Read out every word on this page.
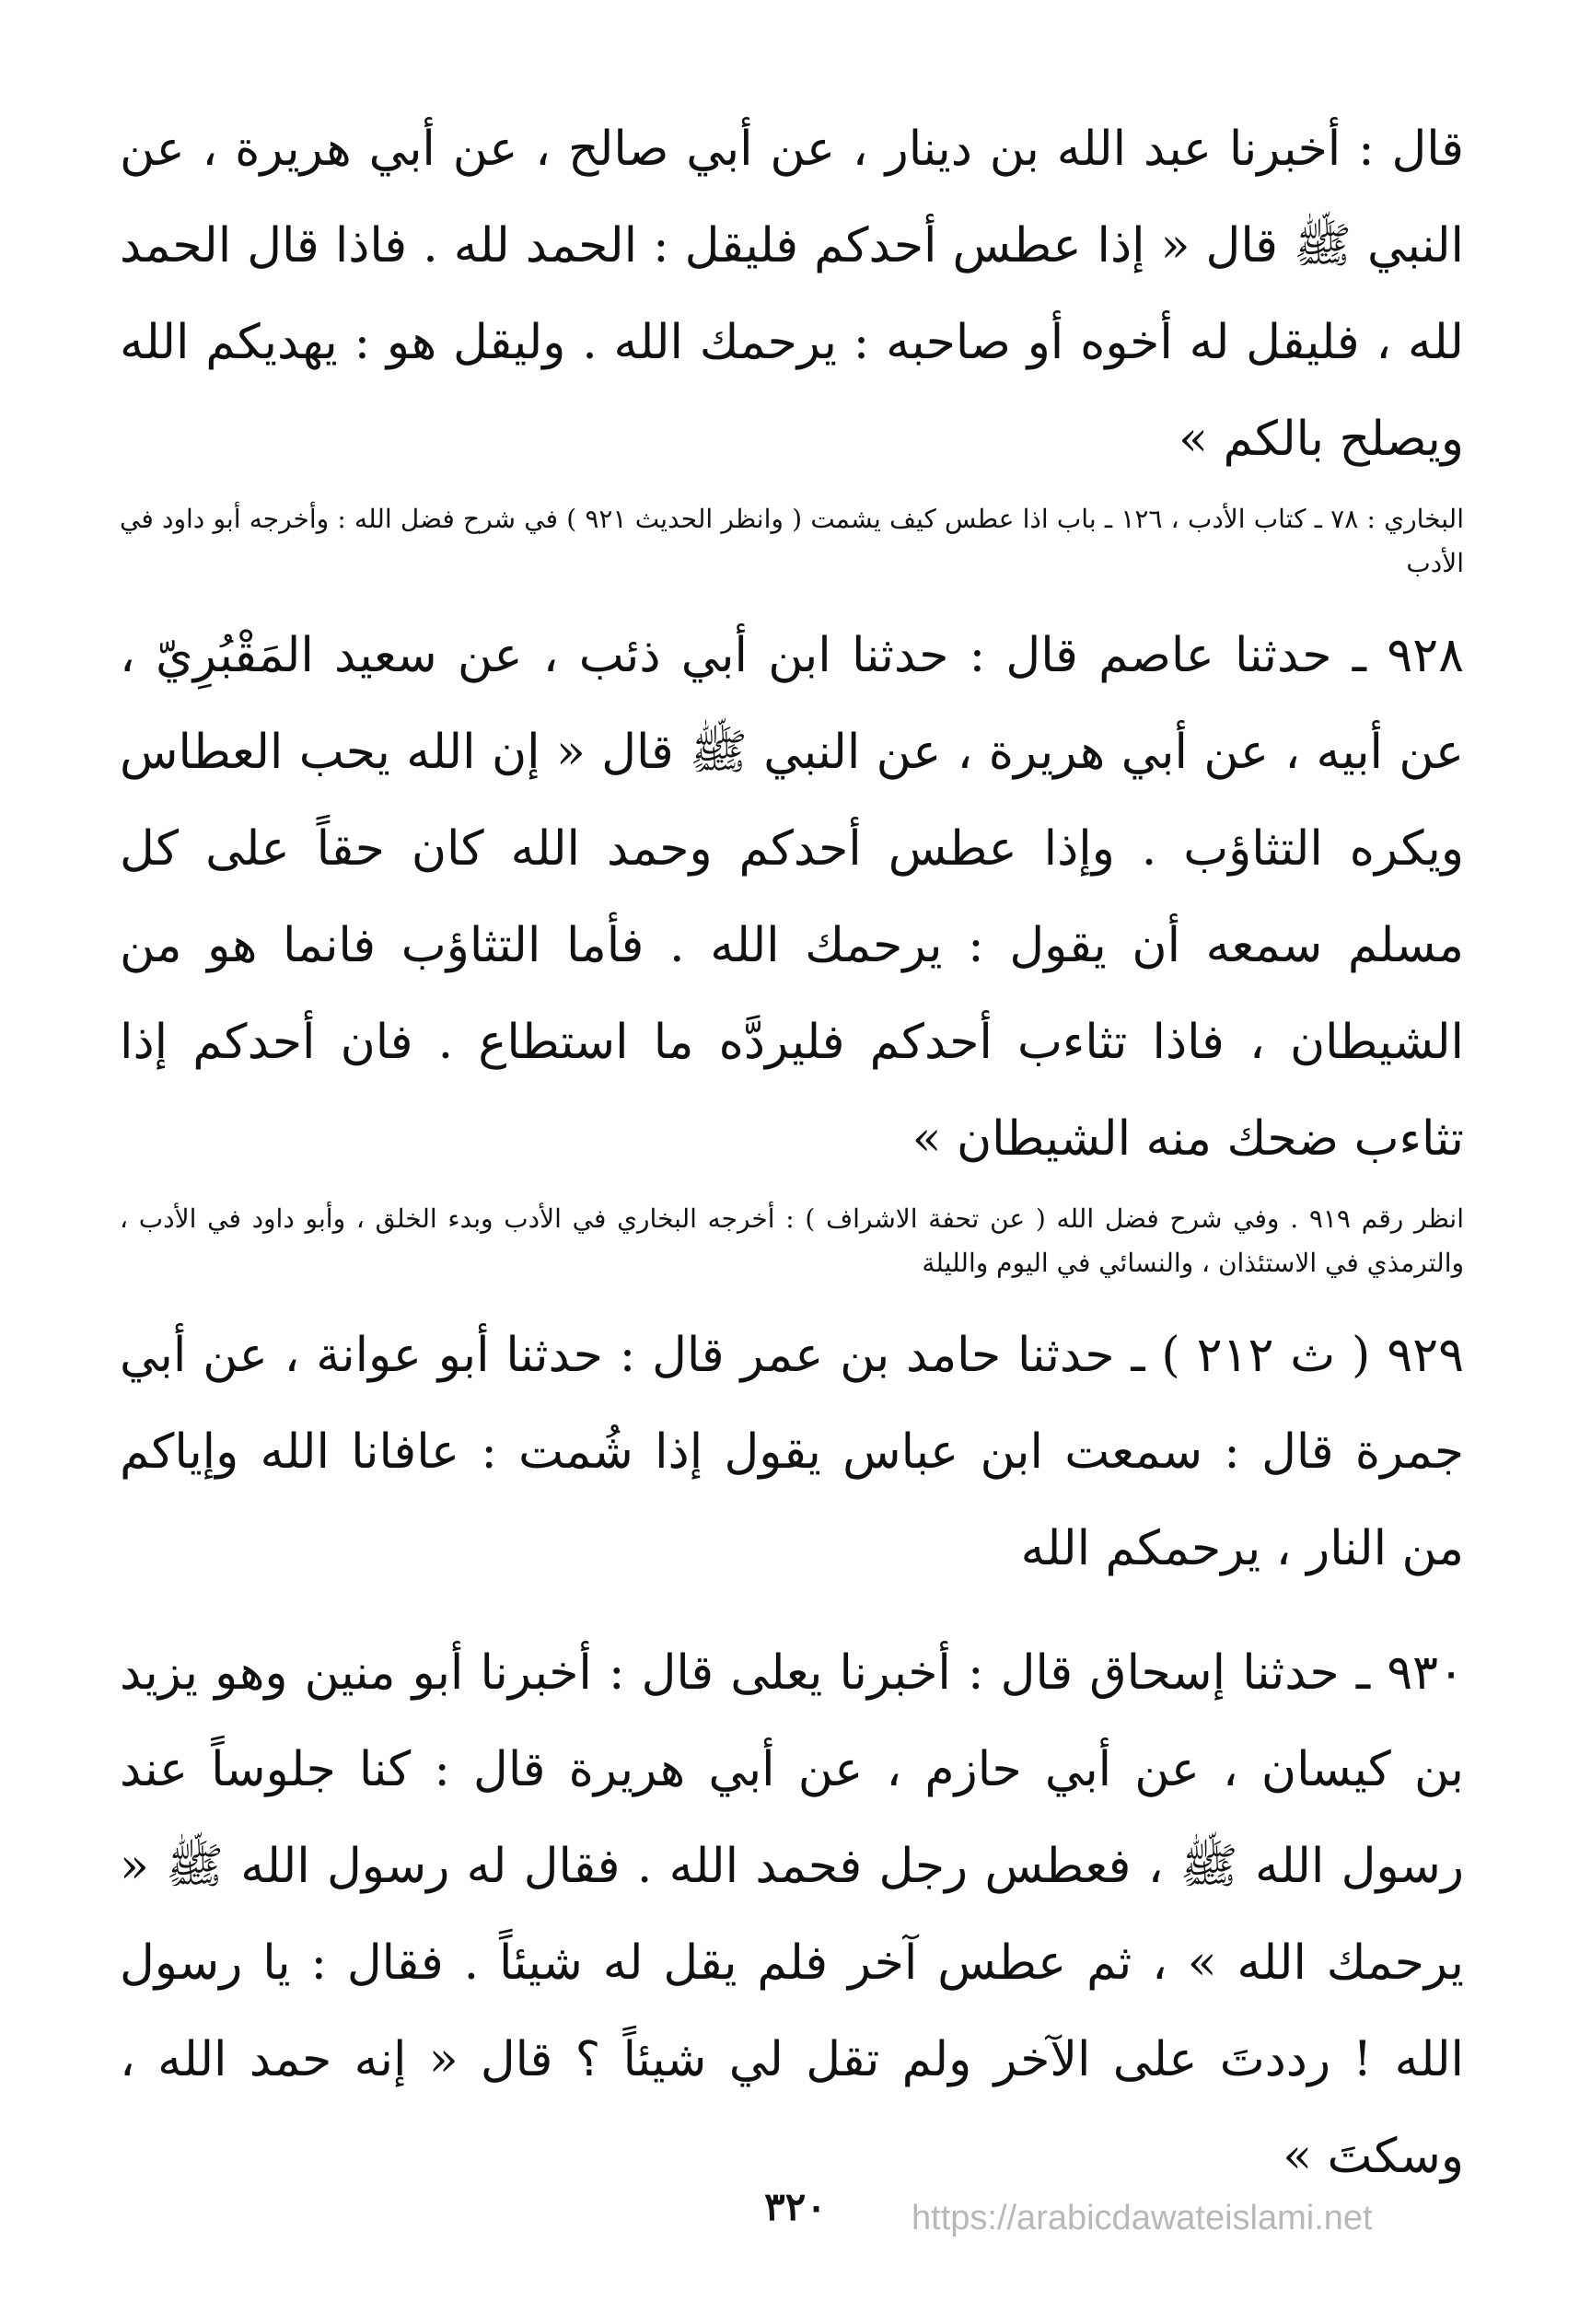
قال : أخبرنا عبد الله بن دينار ، عن أبي صالح ، عن أبي هريرة ، عن النبي ﷺ قال « إذا عطس أحدكم فليقل : الحمد لله . فاذا قال الحمد لله ، فليقل له أخوه أو صاحبه : يرحمك الله . وليقل هو : يهديكم الله ويصلح بالكم »

البخاري : ٧٨ ـ كتاب الأدب ، ١٢٦ ـ باب اذا عطس كيف يشمت ( وانظر الحديث ٩٢١ ) في شرح فضل الله : وأخرجه أبو داود في الأدب

٩٢٨ ـ حدثنا عاصم قال : حدثنا ابن أبي ذئب ، عن سعيد المَقْبُرِيّ ، عن أبيه ، عن أبي هريرة ، عن النبي ﷺ قال « إن الله يحب العطاس ويكره التثاؤب . وإذا عطس أحدكم وحمد الله كان حقاً على كل مسلم سمعه أن يقول : يرحمك الله . فأما التثاؤب فانما هو من الشيطان ، فاذا تثاءب أحدكم فليردَّه ما استطاع . فان أحدكم إذا تثاءب ضحك منه الشيطان »

انظر رقم ٩١٩ . وفي شرح فضل الله ( عن تحفة الاشراف ) : أخرجه البخاري في الأدب وبدء الخلق ، وأبو داود في الأدب ، والترمذي في الاستئذان ، والنسائي في اليوم والليلة

٩٢٩ ( ث ٢١٢ ) ـ حدثنا حامد بن عمر قال : حدثنا أبو عوانة ، عن أبي جمرة قال : سمعت ابن عباس يقول إذا شُمت : عافانا الله وإياكم من النار ، يرحمكم الله

٩٣٠ ـ حدثنا إسحاق قال : أخبرنا يعلى قال : أخبرنا أبو منين وهو يزيد بن كيسان ، عن أبي حازم ، عن أبي هريرة قال : كنا جلوساً عند رسول الله ﷺ ، فعطس رجل فحمد الله . فقال له رسول الله ﷺ « يرحمك الله » ، ثم عطس آخر فلم يقل له شيئاً . فقال : يا رسول الله ! رددتَ على الآخر ولم تقل لي شيئاً ؟ قال « إنه حمد الله ، وسكتَ »

٣٢٠	https://arabicdawateislami.net
